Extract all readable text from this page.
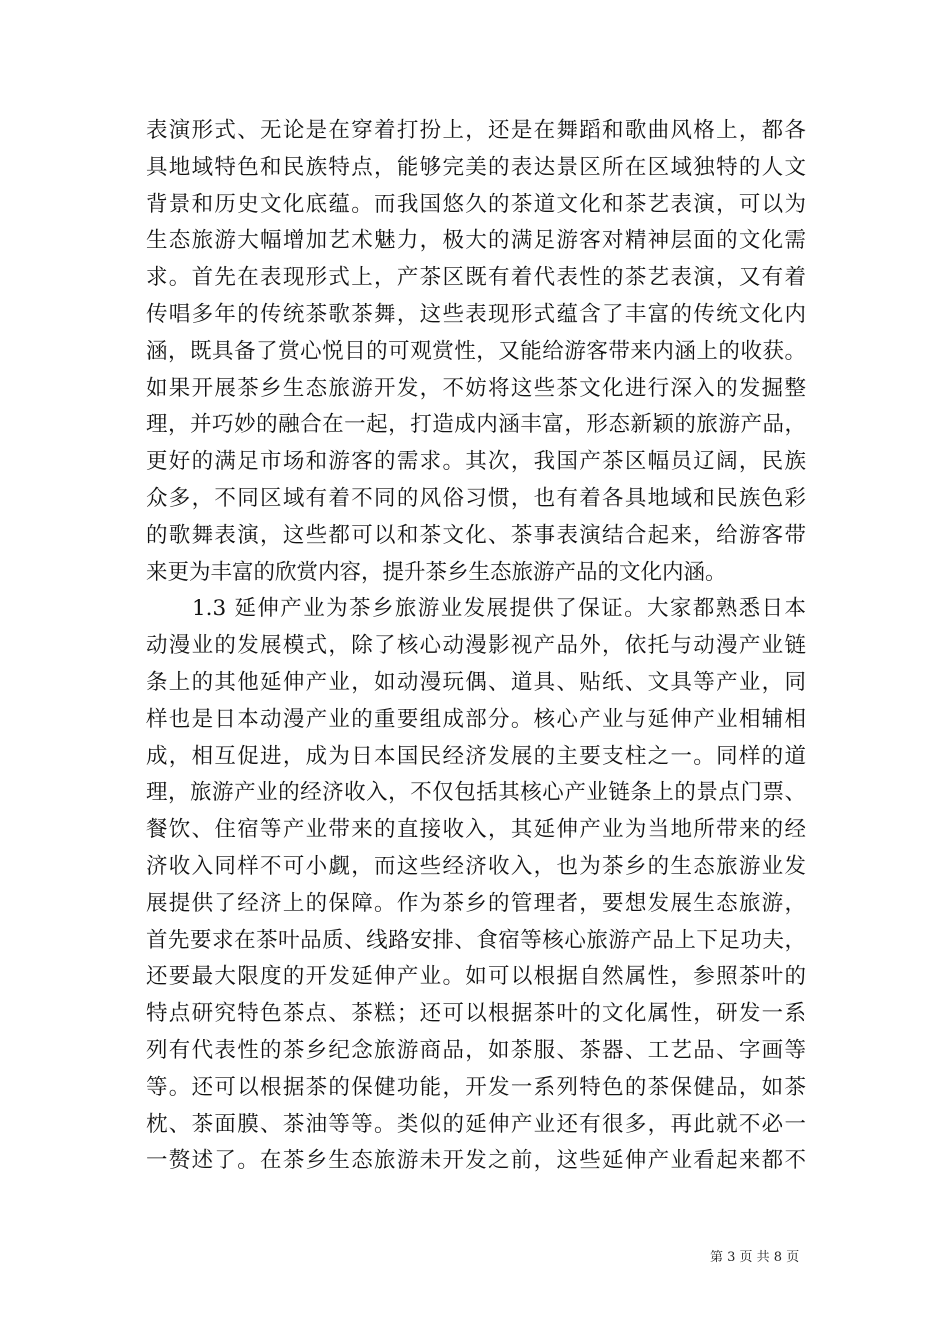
表演形式、无论是在穿着打扮上，还是在舞蹈和歌曲风格上，都各
具地域特色和民族特点，能够完美的表达景区所在区域独特的人文
背景和历史文化底蕴。而我国悠久的茶道文化和茶艺表演，可以为
生态旅游大幅增加艺术魅力，极大的满足游客对精神层面的文化需
求。首先在表现形式上，产茶区既有着代表性的茶艺表演，又有着
传唱多年的传统茶歌茶舞，这些表现形式蕴含了丰富的传统文化内
涵，既具备了赏心悦目的可观赏性，又能给游客带来内涵上的收获。
如果开展茶乡生态旅游开发，不妨将这些茶文化进行深入的发掘整
理，并巧妙的融合在一起，打造成内涵丰富，形态新颖的旅游产品，
更好的满足市场和游客的需求。其次，我国产茶区幅员辽阔，民族
众多，不同区域有着不同的风俗习惯，也有着各具地域和民族色彩
的歌舞表演，这些都可以和茶文化、茶事表演结合起来，给游客带
来更为丰富的欣赏内容，提升茶乡生态旅游产品的文化内涵。
1.3 延伸产业为茶乡旅游业发展提供了保证。大家都熟悉日本
动漫业的发展模式，除了核心动漫影视产品外，依托与动漫产业链
条上的其他延伸产业，如动漫玩偶、道具、贴纸、文具等产业，同
样也是日本动漫产业的重要组成部分。核心产业与延伸产业相辅相
成，相互促进，成为日本国民经济发展的主要支柱之一。同样的道
理，旅游产业的经济收入，不仅包括其核心产业链条上的景点门票、
餐饮、住宿等产业带来的直接收入，其延伸产业为当地所带来的经
济收入同样不可小觑，而这些经济收入，也为茶乡的生态旅游业发
展提供了经济上的保障。作为茶乡的管理者，要想发展生态旅游，
首先要求在茶叶品质、线路安排、食宿等核心旅游产品上下足功夫，
还要最大限度的开发延伸产业。如可以根据自然属性，参照茶叶的
特点研究特色茶点、茶糕；还可以根据茶叶的文化属性，研发一系
列有代表性的茶乡纪念旅游商品，如茶服、茶器、工艺品、字画等
等。还可以根据茶的保健功能，开发一系列特色的茶保健品，如茶
枕、茶面膜、茶油等等。类似的延伸产业还有很多，再此就不必一
一赘述了。在茶乡生态旅游未开发之前，这些延伸产业看起来都不
第 3 页 共 8 页
